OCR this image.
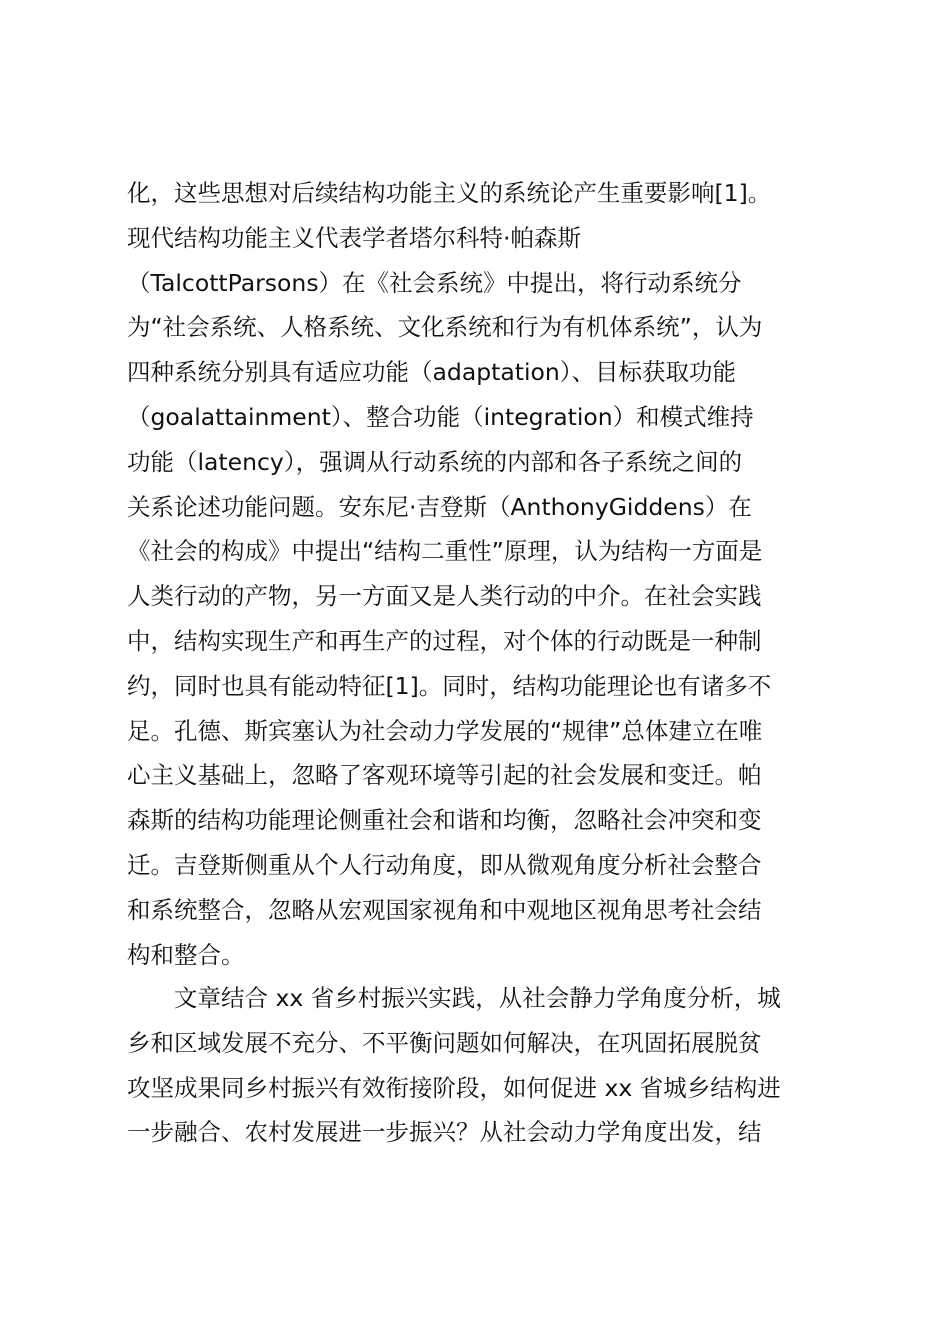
化，这些思想对后续结构功能主义的系统论产生重要影响[1]。
现代结构功能主义代表学者塔尔科特·帕森斯
（TalcottParsons）在《社会系统》中提出，将行动系统分
为“社会系统、人格系统、文化系统和行为有机体系统”，认为
四种系统分别具有适应功能（adaptation）、目标获取功能
（goalattainment）、整合功能（integration）和模式维持
功能（latency），强调从行动系统的内部和各子系统之间的
关系论述功能问题。安东尼·吉登斯（AnthonyGiddens）在
《社会的构成》中提出“结构二重性”原理，认为结构一方面是
人类行动的产物，另一方面又是人类行动的中介。在社会实践
中，结构实现生产和再生产的过程，对个体的行动既是一种制
约，同时也具有能动特征[1]。同时，结构功能理论也有诸多不
足。孔德、斯宾塞认为社会动力学发展的“规律”总体建立在唯
心主义基础上，忽略了客观环境等引起的社会发展和变迁。帕
森斯的结构功能理论侧重社会和谐和均衡，忽略社会冲突和变
迁。吉登斯侧重从个人行动角度，即从微观角度分析社会整合
和系统整合，忽略从宏观国家视角和中观地区视角思考社会结
构和整合。
　　文章结合 xx 省乡村振兴实践，从社会静力学角度分析，城
乡和区域发展不充分、不平衡问题如何解决，在巩固拓展脱贫
攻坚成果同乡村振兴有效衔接阶段，如何促进 xx 省城乡结构进
一步融合、农村发展进一步振兴？从社会动力学角度出发，结
